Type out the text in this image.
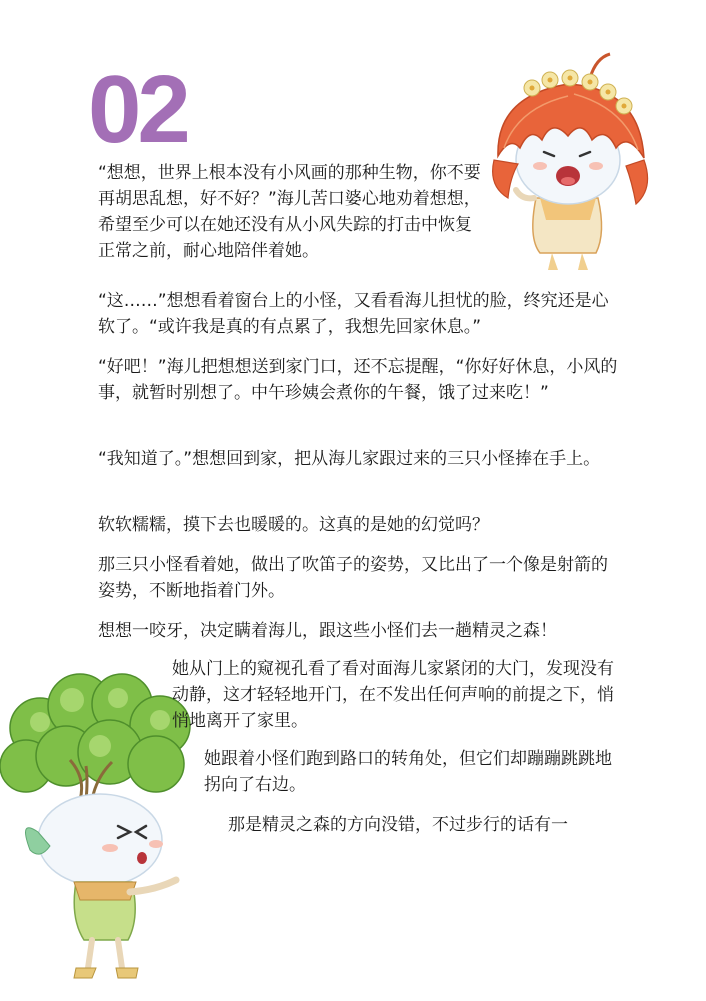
02

“想想，世界上根本没有小风画的那种生物，你不要再胡思乱想，好不好？”海儿苦口婆心地劝着想想，希望至少可以在她还没有从小风失踪的打击中恢复正常之前，耐心地陪伴着她。

“这……”想想看着窗台上的小怪，又看看海儿担忧的脸，终究还是心软了。“或许我是真的有点累了，我想先回家休息。”

“好吧！”海儿把想想送到家门口，还不忘提醒，“你好好休息，小风的事，就暂时别想了。中午珍姨会煮你的午餐，饿了过来吃！”

“我知道了。”想想回到家，把从海儿家跟过来的三只小怪捧在手上。

软软糯糯，摸下去也暖暖的。这真的是她的幻觉吗？

那三只小怪看着她，做出了吹笛子的姿势，又比出了一个像是射箭的姿势，不断地指着门外。

想想一咬牙，决定瞒着海儿，跟这些小怪们去一趟精灵之森！

她从门上的窥视孔看了看对面海儿家紧闭的大门，发现没有动静，这才轻轻地开门，在不发出任何声响的前提之下，悄悄地离开了家里。

她跟着小怪们跑到路口的转角处，但它们却蹦蹦跳跳地拐向了右边。

那是精灵之森的方向没错，不过步行的话有一
